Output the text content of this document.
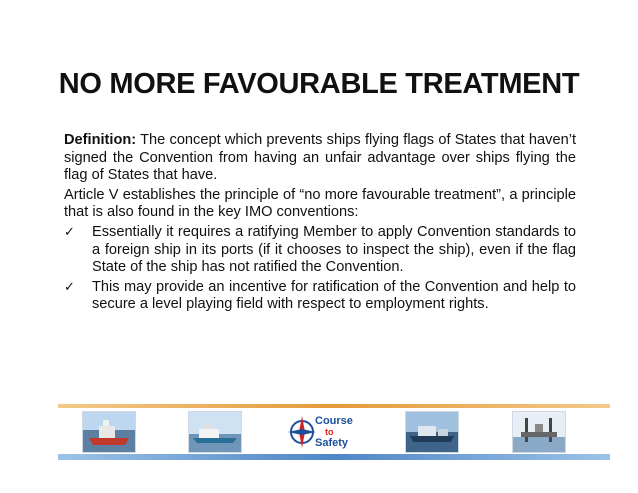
NO MORE FAVOURABLE TREATMENT

Definition: The concept which prevents ships flying flags of States that haven’t signed the Convention from having an unfair advantage over ships flying the flag of States that have.

Article V establishes the principle of “no more favourable treatment”, a principle that is also found in the key IMO conventions:

✓ Essentially it requires a ratifying Member to apply Convention standards to a foreign ship in its ports (if it chooses to inspect the ship), even if the flag State of the ship has not ratified the Convention.
✓ This may provide an incentive for ratification of the Convention and help to secure a level playing field with respect to employment rights.
Course
to
Safety
